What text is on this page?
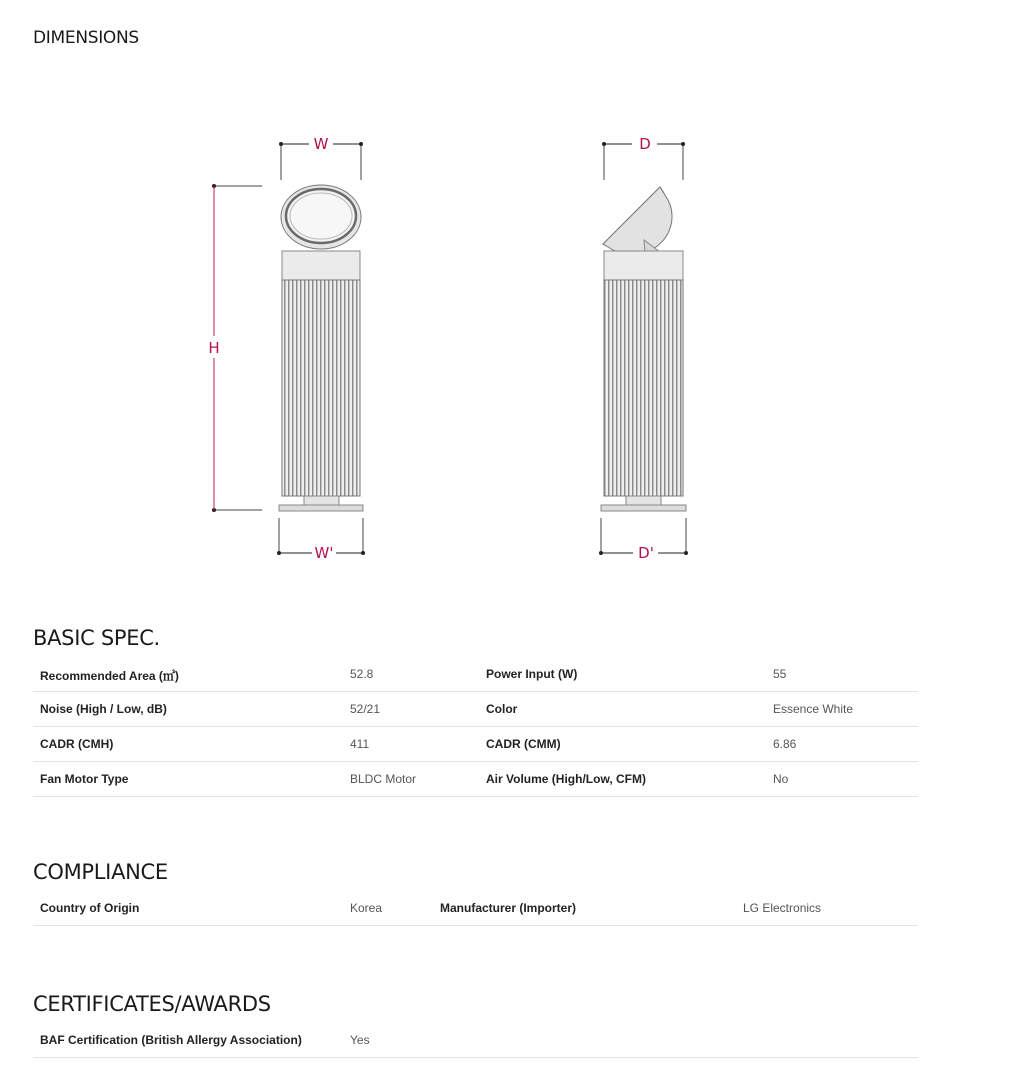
DIMENSIONS
W
H
W'
D
D'
BASIC SPEC.
Recommended Area (㎡)	52.8	Power Input (W)	55
Noise (High / Low, dB)	52/21	Color	Essence White
CADR (CMH)	411	CADR (CMM)	6.86
Fan Motor Type	BLDC Motor	Air Volume (High/Low, CFM)	No
COMPLIANCE
Country of Origin	Korea	Manufacturer (Importer)	LG Electronics
CERTIFICATES/AWARDS
BAF Certification (British Allergy Association)	Yes
